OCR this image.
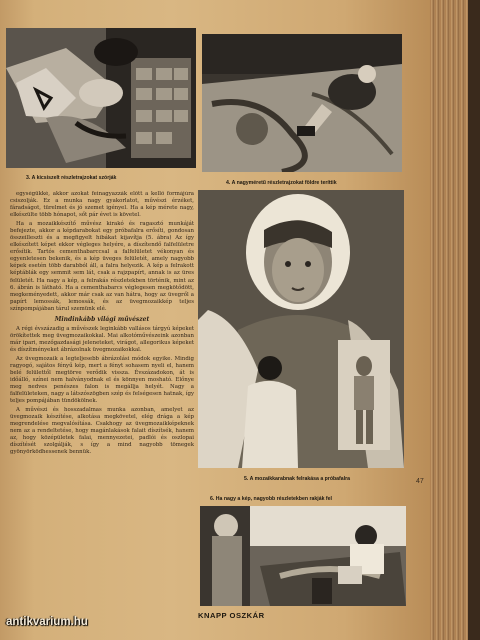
3. A kicsiszelt részletrajzokat szórják
4. A nagyméretű részletrajzokat földre teríttik
5. A mozaikkarabnak felrakása a próbafalra
6. Ha nagy a kép, nagyobb részletekben rakják fel

egységükké, akkor azokat feinagyazzák előtt a kellő formájúra csiszolják. Ez a munka nagy gyakorlatot, művészi érzéket, fáradságot, türelmet és jó szemet igényel. Ha a kép mérete nagy, elkészülte több hónapot, sőt pár évet is követel.

Ha a mozaikkészítő művész kirakó és ragasztó munkáját befejezte, akkor a képdarabokat egy próbafalra erősíti, gondosan összeilleszti és a megfigyelt hibákat kijavítja (5. ábra) Az így elkészített képet ekkor végleges helyére, a díszítendő falfelületre erősítik. Tartós cementhabarccsal a falfelületet vékonyan és egyenletesen bekenik, és a kép üveges felületét, amely nagyobb képek esetén több darabból áll, a falra helyezik. A kép a felrakott képtáblák egy semmit sem lát, csak a rajzpapírt, annak is az üres felületét. Ha nagy a kép, a felrakás részletekben történik, mint az 6. ábrán is látható. Ha a cementhabarcs véglegesen megkötődött, megkeményedett, akkor már csak az van hátra, hogy az üvegről a papírt lemossák, lemossák, és az üvegmozaikkép teljes színpompájában tárul szemünk elé.

Mindinkább világi művészet

A régi évszázadig a művészek leginkább vallásos tárgyú képeket örökítettek meg üvegmozaikokkal. Mai alkotóművészeink azonban már ipari, mezőgazdasági jeleneteket, virágot, allegorikus képeket és díszítményeket ábrázolnak üvegmozaikokkal.

Az üvegmozaik a legteljesebb ábrázolási módok egyike. Mindig ragyogó, sajátos fényű kép, mert a fényt sohasem nyeli el, hanem belé felülettől megtörve verődik vissza. Évszázadokon, át is időálló, színei nem halványodnak el és könnyen mosható. Előnye meg nedves penészes falon is megállja helyét. Nagy a falfelületeken, nagy a látszószögben szép és felségesen hatnak, így teljes pompájában tündökölnek.

A művészi és hosszadalmas munka azonban, amelyet az üvegmozaik készítése, alkotása megkövetel, elég drága a kép megrendelése megvalósítása. Csakhogy az üvegmozaikképeknek nem az a rendeltetése, hogy magánlakások falait díszítsék, hanem az, hogy középületek falai, mennyezetei, padlói és oszlopai díszítését szolgálják, s így a mind nagyobb tömegek gyönyörködhessenek bennük.

KNAPP OSZKÁR
47
antikvarium.hu
